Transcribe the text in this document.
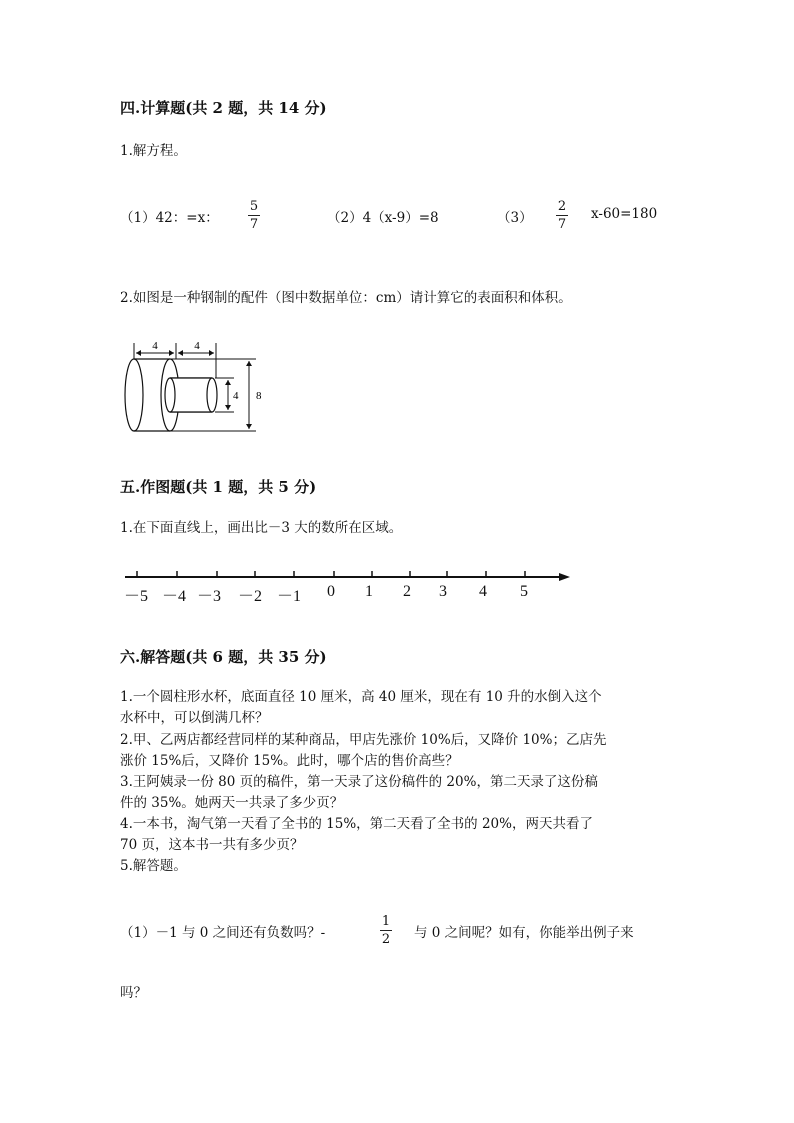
四.计算题(共 2 题，共 14 分)
1.解方程。
（1）42：=x：
5
7	（2）4（x-9）=8	（3）
2
7
x-60=180
2.如图是一种钢制的配件（图中数据单位：cm）请计算它的表面积和体积。
4	4
4 8
五.作图题(共 1 题，共 5 分)
1.在下面直线上，画出比－3 大的数所在区域。
－5 －4 －3 －2 －1 0 1 2 3 4 5
六.解答题(共 6 题，共 35 分)
1.一个圆柱形水杯，底面直径 10 厘米，高 40 厘米，现在有 10 升的水倒入这个
水杯中，可以倒满几杯？
2.甲、乙两店都经营同样的某种商品，甲店先涨价 10%后，又降价 10%；乙店先
涨价 15%后，又降价 15%。此时，哪个店的售价高些？
3.王阿姨录一份 80 页的稿件，第一天录了这份稿件的 20%，第二天录了这份稿
件的 35%。她两天一共录了多少页？
4.一本书，淘气第一天看了全书的 15%，第二天看了全书的 20%，两天共看了
70 页，这本书一共有多少页？
5.解答题。
（1）－1 与 0 之间还有负数吗？-
1
2 与 0 之间呢？如有，你能举出例子来
吗？
